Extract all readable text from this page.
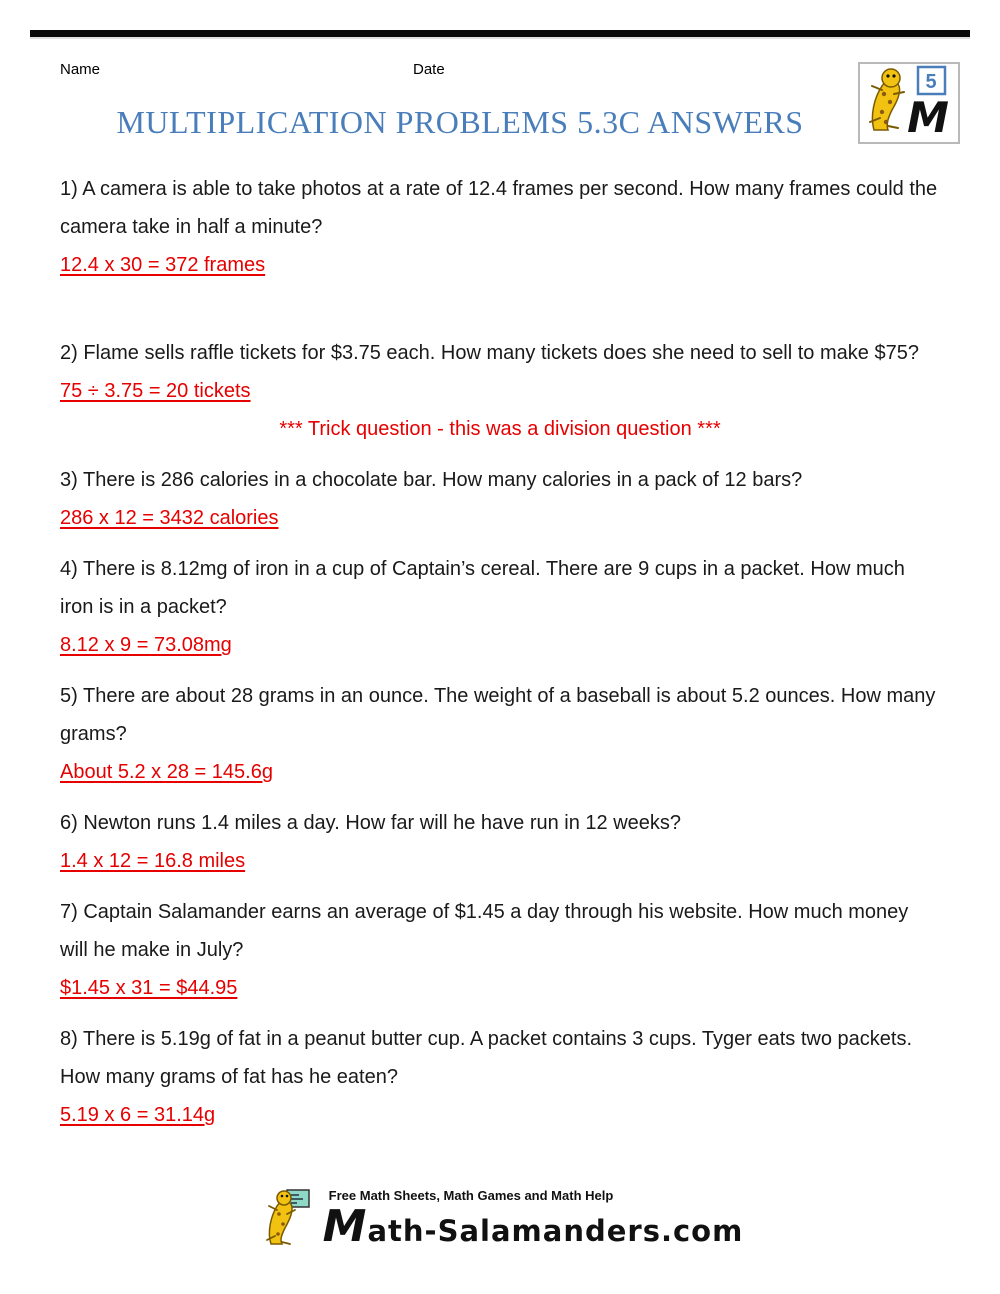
Name	Date
5
M
MULTIPLICATION PROBLEMS 5.3C ANSWERS

1) A camera is able to take photos at a rate of 12.4 frames per second. How many frames could the camera take in half a minute?

12.4 x 30 = 372 frames

2) Flame sells raffle tickets for $3.75 each. How many tickets does she need to sell to make $75?

75 ÷ 3.75 = 20 tickets

*** Trick question - this was a division question ***

3) There is 286 calories in a chocolate bar. How many calories in a pack of 12 bars?

286 x 12 = 3432 calories

4) There is 8.12mg of iron in a cup of Captain’s cereal. There are 9 cups in a packet. How much iron is in a packet?

8.12 x 9 = 73.08mg

5) There are about 28 grams in an ounce. The weight of a baseball is about 5.2 ounces. How many grams?

About 5.2 x 28 = 145.6g

6) Newton runs 1.4 miles a day. How far will he have run in 12 weeks?

1.4 x 12 = 16.8 miles

7) Captain Salamander earns an average of $1.45 a day through his website. How much money will he make in July?

$1.45 x 31 = $44.95

8) There is 5.19g of fat in a peanut butter cup. A packet contains 3 cups. Tyger eats two packets. How many grams of fat has he eaten?

5.19 x 6 = 31.14g

Free Math Sheets, Math Games and Math Help

Math-Salamanders.com
